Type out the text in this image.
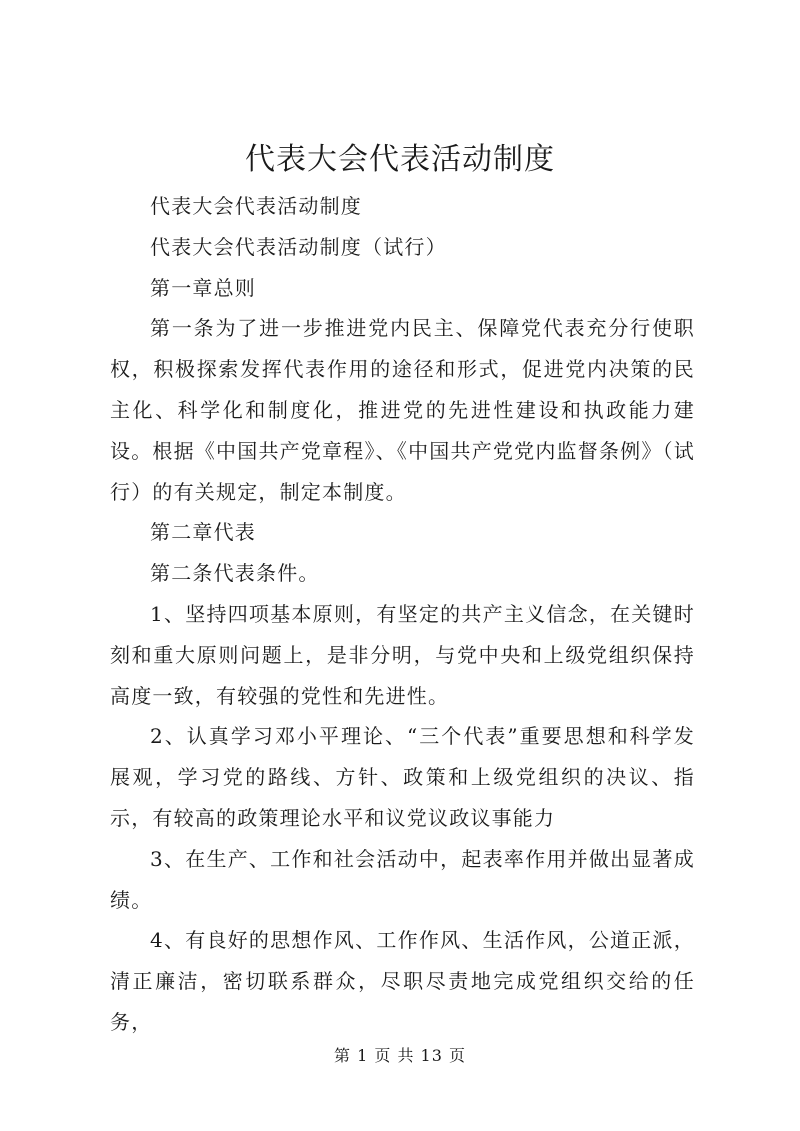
代表大会代表活动制度

代表大会代表活动制度

代表大会代表活动制度（试行）

第一章总则

第一条为了进一步推进党内民主、保障党代表充分行使职权，积极探索发挥代表作用的途径和形式，促进党内决策的民主化、科学化和制度化，推进党的先进性建设和执政能力建设。根据《中国共产党章程》、《中国共产党党内监督条例》（试行）的有关规定，制定本制度。

第二章代表

第二条代表条件。

1、坚持四项基本原则，有坚定的共产主义信念，在关键时刻和重大原则问题上，是非分明，与党中央和上级党组织保持高度一致，有较强的党性和先进性。

2、认真学习邓小平理论、“三个代表”重要思想和科学发展观，学习党的路线、方针、政策和上级党组织的决议、指示，有较高的政策理论水平和议党议政议事能力

3、在生产、工作和社会活动中，起表率作用并做出显著成绩。

4、有良好的思想作风、工作作风、生活作风，公道正派，清正廉洁，密切联系群众，尽职尽责地完成党组织交给的任务，

第 1 页 共 13 页
